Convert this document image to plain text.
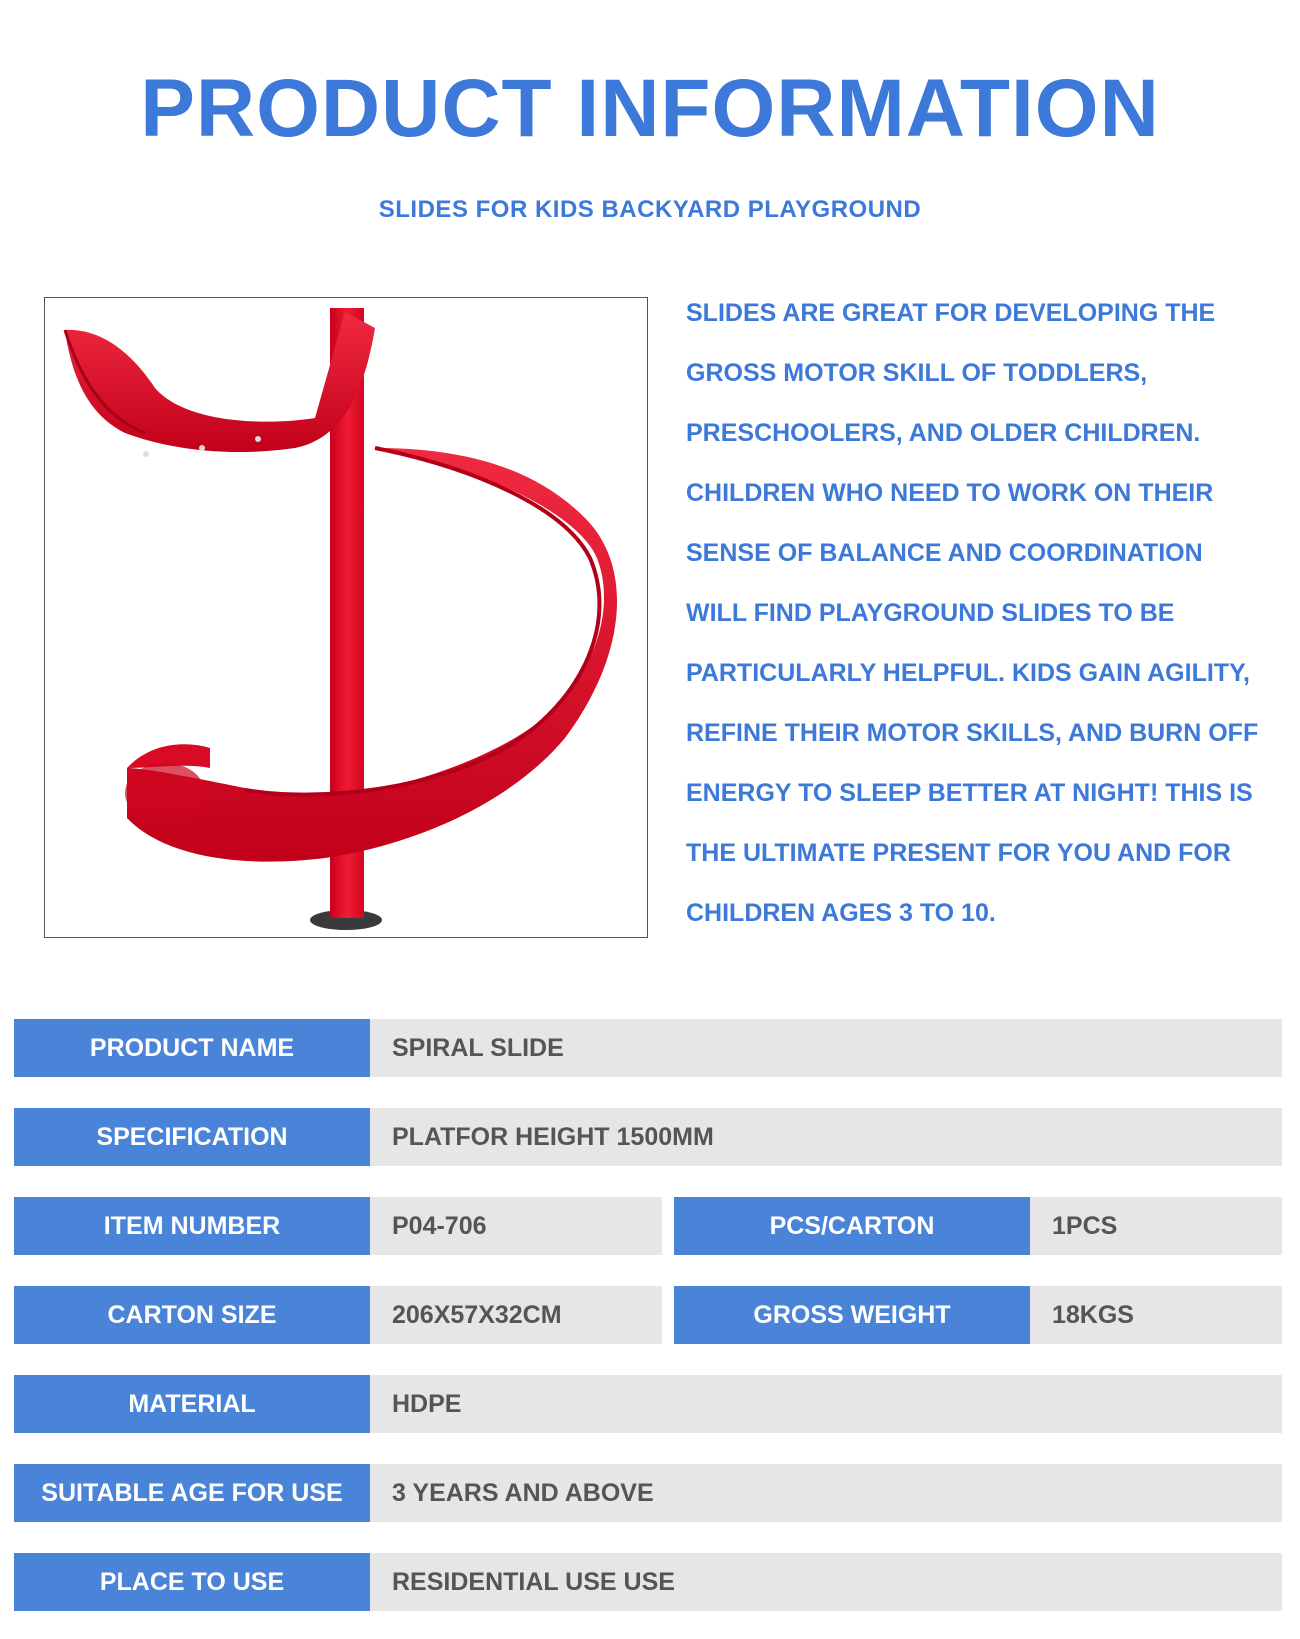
PRODUCT INFORMATION
SLIDES FOR KIDS BACKYARD PLAYGROUND
SLIDES ARE GREAT FOR DEVELOPING THE
GROSS MOTOR SKILL OF TODDLERS,
PRESCHOOLERS, AND OLDER CHILDREN.
CHILDREN WHO NEED TO WORK ON THEIR
SENSE OF BALANCE AND COORDINATION
WILL FIND PLAYGROUND SLIDES TO BE
PARTICULARLY HELPFUL. KIDS GAIN AGILITY,
REFINE THEIR MOTOR SKILLS, AND BURN OFF
ENERGY TO SLEEP BETTER AT NIGHT! THIS IS
THE ULTIMATE PRESENT FOR YOU AND FOR
CHILDREN AGES 3 TO 10.
PRODUCT NAME	SPIRAL SLIDE
SPECIFICATION	PLATFOR HEIGHT 1500MM
ITEM NUMBER	P04-706	PCS/CARTON	1PCS
CARTON SIZE	206X57X32CM	GROSS WEIGHT	18KGS
MATERIAL	HDPE
SUITABLE AGE FOR USE	3 YEARS AND ABOVE
PLACE TO USE	RESIDENTIAL USE USE
